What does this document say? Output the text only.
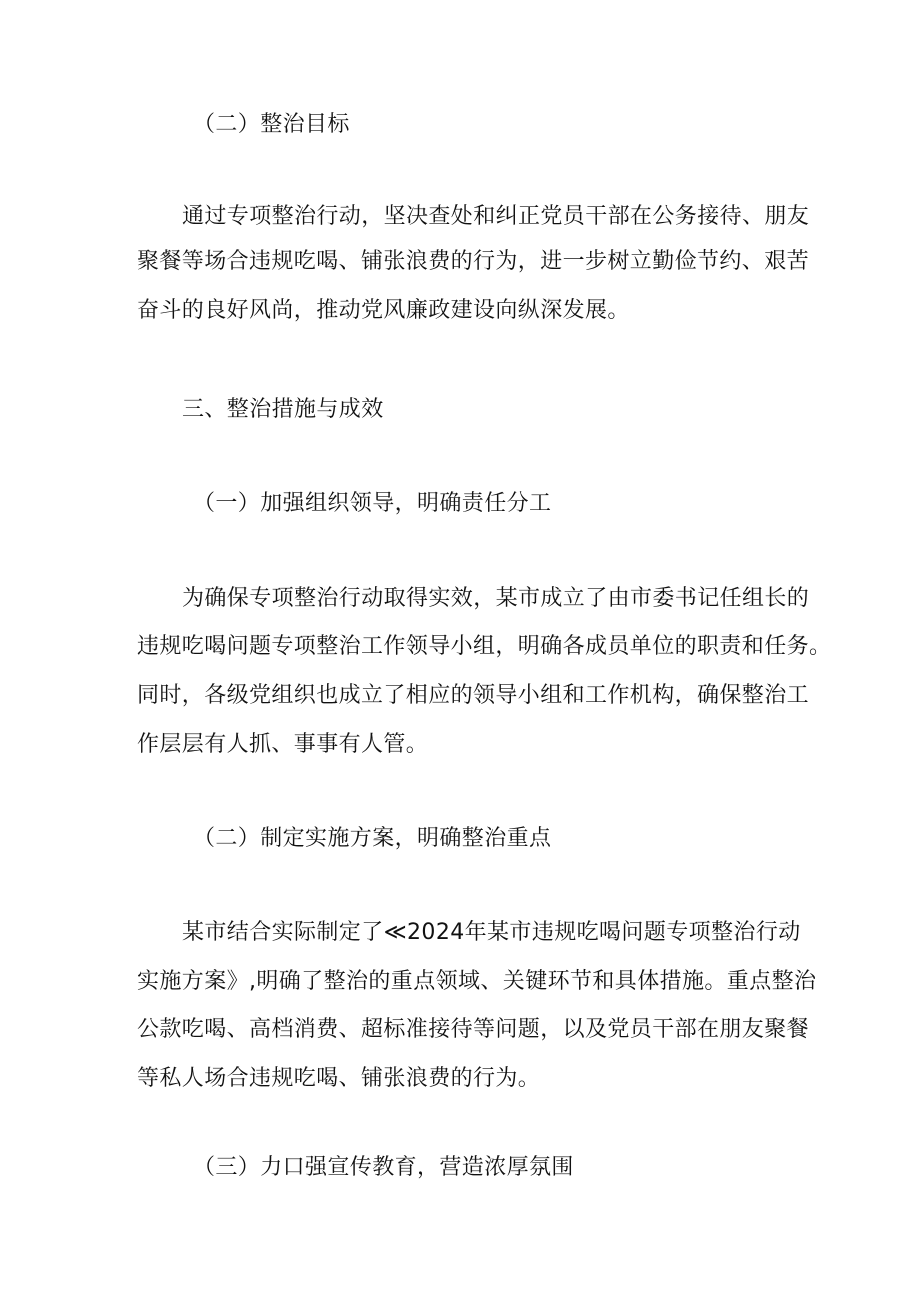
（二）整治目标
通过专项整治行动，坚决查处和纠正党员干部在公务接待、朋友
聚餐等场合违规吃喝、铺张浪费的行为，进一步树立勤俭节约、艰苦
奋斗的良好风尚，推动党风廉政建设向纵深发展。
三、整治措施与成效
（一）加强组织领导，明确责任分工
为确保专项整治行动取得实效，某市成立了由市委书记任组长的
违规吃喝问题专项整治工作领导小组，明确各成员单位的职责和任务。
同时，各级党组织也成立了相应的领导小组和工作机构，确保整治工
作层层有人抓、事事有人管。
（二）制定实施方案，明确整治重点
某市结合实际制定了≪2024年某市违规吃喝问题专项整治行动
实施方案》,明确了整治的重点领域、关键环节和具体措施。重点整治
公款吃喝、高档消费、超标准接待等问题，以及党员干部在朋友聚餐
等私人场合违规吃喝、铺张浪费的行为。
（三）力口强宣传教育，营造浓厚氛围
